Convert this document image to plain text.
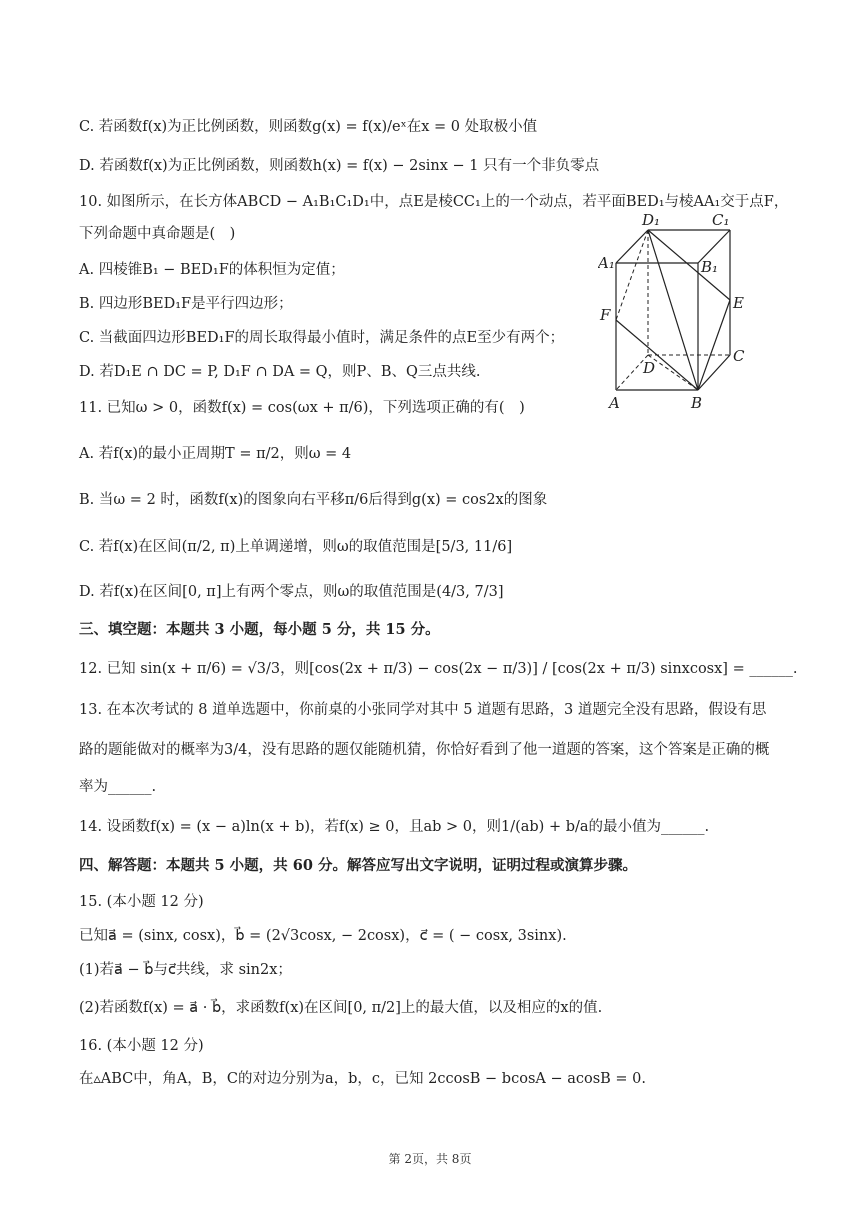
C. 若函数f(x)为正比例函数，则函数g(x) = f(x)/eˣ在x = 0 处取极小值
D. 若函数f(x)为正比例函数，则函数h(x) = f(x) − 2sinx − 1 只有一个非负零点
10. 如图所示，在长方体ABCD − A₁B₁C₁D₁中，点E是棱CC₁上的一个动点，若平面BED₁与棱AA₁交于点F，
下列命题中真命题是(　)
A. 四棱锥B₁ − BED₁F的体积恒为定值；
B. 四边形BED₁F是平行四边形；
C. 当截面四边形BED₁F的周长取得最小值时，满足条件的点E至少有两个；
D. 若D₁E ∩ DC = P, D₁F ∩ DA = Q，则P、B、Q三点共线.
11. 已知ω > 0，函数f(x) = cos(ωx + π/6)，下列选项正确的有(　)
A. 若f(x)的最小正周期T = π/2，则ω = 4
B. 当ω = 2 时，函数f(x)的图象向右平移π/6后得到g(x) = cos2x的图象
C. 若f(x)在区间(π/2, π)上单调递增，则ω的取值范围是[5/3, 11/6]
D. 若f(x)在区间[0, π]上有两个零点，则ω的取值范围是(4/3, 7/3]
三、填空题：本题共 3 小题，每小题 5 分，共 15 分。
12. 已知 sin(x + π/6) = √3/3，则[cos(2x + π/3) − cos(2x − π/3)] / [cos(2x + π/3) sinxcosx] = ______.
13. 在本次考试的 8 道单选题中，你前桌的小张同学对其中 5 道题有思路，3 道题完全没有思路，假设有思
路的题能做对的概率为3/4，没有思路的题仅能随机猜，你恰好看到了他一道题的答案，这个答案是正确的概
率为______.
14. 设函数f(x) = (x − a)ln(x + b)，若f(x) ≥ 0，且ab > 0，则1/(ab) + b/a的最小值为______.
四、解答题：本题共 5 小题，共 60 分。解答应写出文字说明，证明过程或演算步骤。
15. (本小题 12 分)
已知a⃗ = (sinx, cosx)，b⃗ = (2√3cosx, − 2cosx)，c⃗ = ( − cosx, 3sinx).
(1)若a⃗ − b⃗与c⃗共线，求 sin2x；
(2)若函数f(x) = a⃗ · b⃗，求函数f(x)在区间[0, π/2]上的最大值，以及相应的x的值.
16. (本小题 12 分)
在▵ABC中，角A，B，C的对边分别为a，b，c，已知 2ccosB − bcosA − acosB = 0.
D₁	C₁
A₁	B₁
F
E
D
C
A	B
第 2页，共 8页
